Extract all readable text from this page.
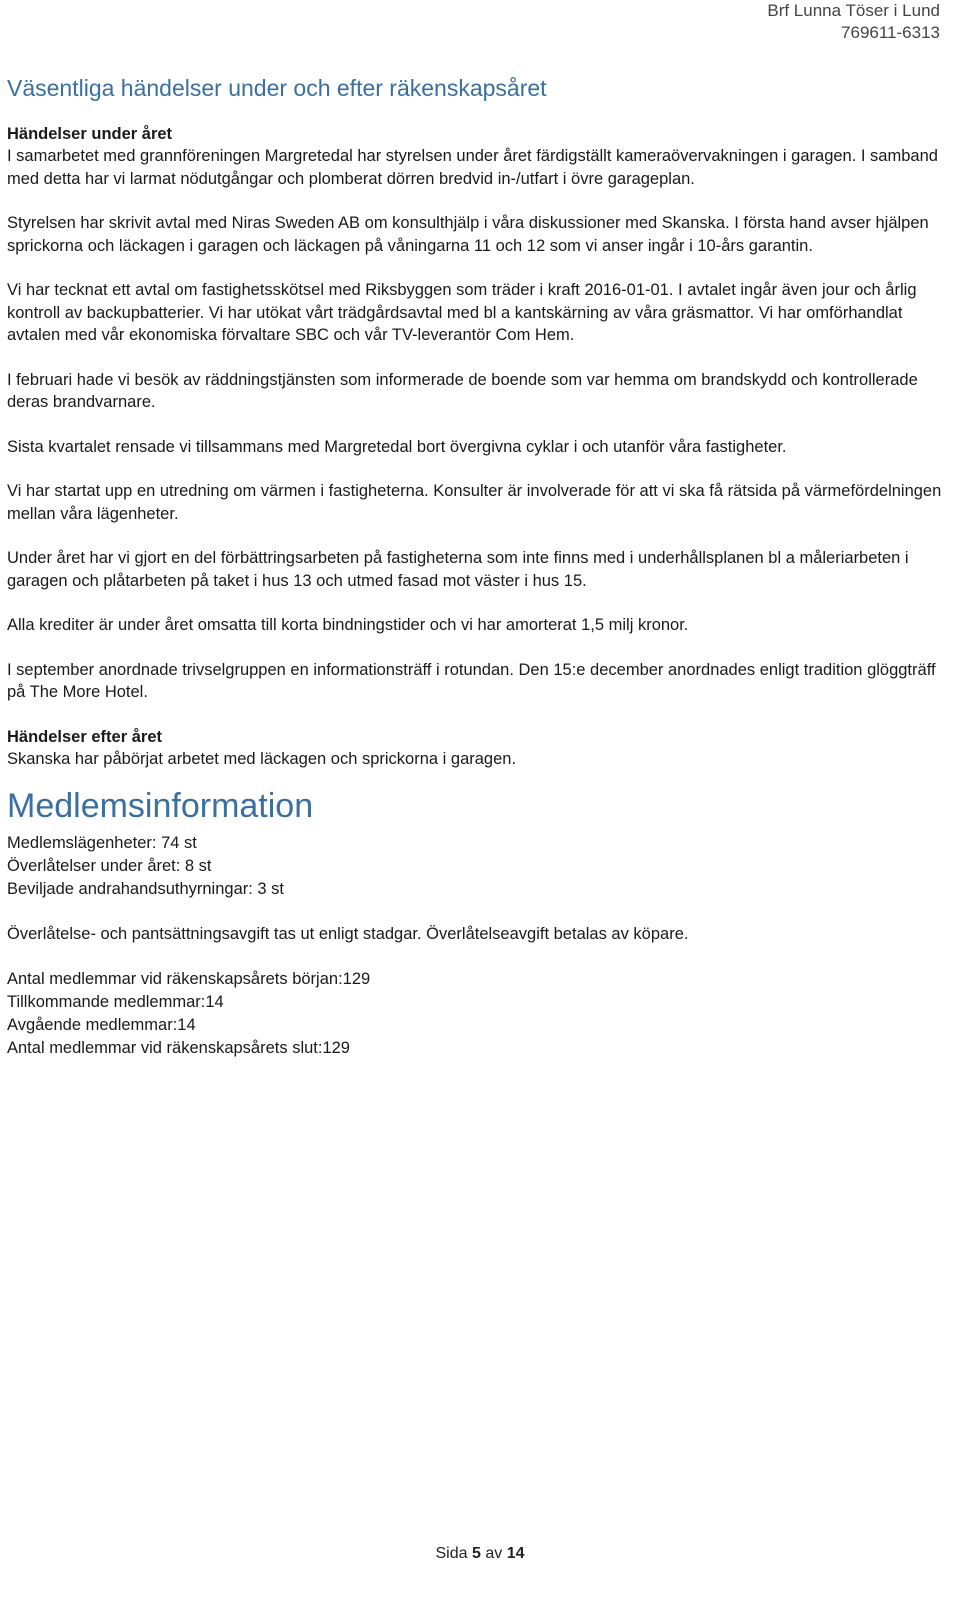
Brf Lunna Töser i Lund
769611-6313
Väsentliga händelser under och efter räkenskapsåret
Händelser under året
I samarbetet med grannföreningen Margretedal har styrelsen under året färdigställt kameraövervakningen i garagen. I samband med detta har vi larmat nödutgångar och plomberat dörren bredvid in-/utfart i övre garageplan.
Styrelsen har skrivit avtal med Niras Sweden AB om konsulthjälp i våra diskussioner med Skanska. I första hand avser hjälpen sprickorna och läckagen i garagen och läckagen på våningarna 11 och 12 som vi anser ingår i 10-års garantin.
Vi har tecknat ett avtal om fastighetsskötsel med Riksbyggen som träder i kraft 2016-01-01. I avtalet ingår även jour och årlig kontroll av backupbatterier. Vi har utökat vårt trädgårdsavtal med bl a kantskärning av våra gräsmattor. Vi har omförhandlat avtalen med vår ekonomiska förvaltare SBC och vår TV-leverantör Com Hem.
I februari hade vi besök av räddningstjänsten som informerade de boende som var hemma om brandskydd och kontrollerade deras brandvarnare.
Sista kvartalet rensade vi tillsammans med Margretedal bort övergivna cyklar i och utanför våra fastigheter.
Vi har startat upp en utredning om värmen i fastigheterna. Konsulter är involverade för att vi ska få rätsida på värmefördelningen mellan våra lägenheter.
Under året har vi gjort en del förbättringsarbeten på fastigheterna som inte finns med i underhållsplanen bl a måleriarbeten i garagen och plåtarbeten på taket i hus 13 och utmed fasad mot väster i hus 15.
Alla krediter är under året omsatta till korta bindningstider och vi har amorterat 1,5 milj kronor.
I september anordnade trivselgruppen en informationsträff i rotundan. Den 15:e december anordnades enligt tradition glöggträff på The More Hotel.
Händelser efter året
Skanska har påbörjat arbetet med läckagen och sprickorna i garagen.
Medlemsinformation
Medlemslägenheter: 74 st
Överlåtelser under året: 8 st
Beviljade andrahandsuthyrningar: 3 st
Överlåtelse- och pantsättningsavgift tas ut enligt stadgar. Överlåtelseavgift betalas av köpare.
Antal medlemmar vid räkenskapsårets början:129
Tillkommande medlemmar:14
Avgående medlemmar:14
Antal medlemmar vid räkenskapsårets slut:129
Sida 5 av 14
